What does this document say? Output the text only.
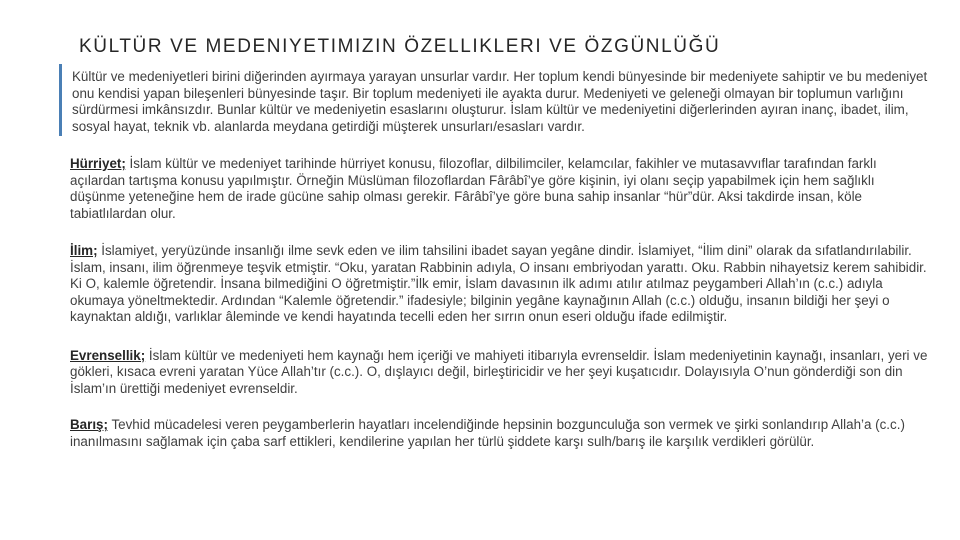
KÜLTÜR VE MEDENIYETIMIZIN ÖZELLIKLERI VE ÖZGÜNLÜĞÜ

Kültür ve medeniyetleri birini diğerinden ayırmaya yarayan unsurlar vardır. Her toplum kendi bünyesinde bir medeniyete sahiptir ve bu medeniyet onu kendisi yapan bileşenleri bünyesinde taşır. Bir toplum medeniyeti ile ayakta durur. Medeniyeti ve geleneği olmayan bir toplumun varlığını sürdürmesi imkânsızdır. Bunlar kültür ve medeniyetin esaslarını oluşturur. İslam kültür ve medeniyetini diğerlerinden ayıran inanç, ibadet, ilim, sosyal hayat, teknik vb. alanlarda meydana getirdiği müşterek unsurları/esasları vardır.

Hürriyet; İslam kültür ve medeniyet tarihinde hürriyet konusu, filozoflar, dilbilimciler, kelamcılar, fakihler ve mutasavvıflar tarafından farklı açılardan tartışma konusu yapılmıştır. Örneğin Müslüman filozoflardan Fârâbî’ye göre kişinin, iyi olanı seçip yapabilmek için hem sağlıklı düşünme yeteneğine hem de irade gücüne sahip olması gerekir. Fârâbî’ye göre buna sahip insanlar “hür”dür. Aksi takdirde insan, köle tabiatlılardan olur.

İlim; İslamiyet, yeryüzünde insanlığı ilme sevk eden ve ilim tahsilini ibadet sayan yegâne dindir. İslamiyet, “İlim dini” olarak da sıfatlandırılabilir. İslam, insanı, ilim öğrenmeye teşvik etmiştir. “Oku, yaratan Rabbinin adıyla, O insanı embriyodan yarattı. Oku. Rabbin nihayetsiz kerem sahibidir. Ki O, kalemle öğretendir. İnsana bilmediğini O öğretmiştir.”İlk emir, İslam davasının ilk adımı atılır atılmaz peygamberi Allah’ın (c.c.) adıyla okumaya yöneltmektedir. Ardından “Kalemle öğretendir.” ifadesiyle; bilginin yegâne kaynağının Allah (c.c.) olduğu, insanın bildiği her şeyi o kaynaktan aldığı, varlıklar âleminde ve kendi hayatında tecelli eden her sırrın onun eseri olduğu ifade edilmiştir.

Evrensellik; İslam kültür ve medeniyeti hem kaynağı hem içeriği ve mahiyeti itibarıyla evrenseldir. İslam medeniyetinin kaynağı, insanları, yeri ve gökleri, kısaca evreni yaratan Yüce Allah’tır (c.c.). O, dışlayıcı değil, birleştiricidir ve her şeyi kuşatıcıdır. Dolayısıyla O’nun gönderdiği son din İslam’ın ürettiği medeniyet evrenseldir.

Barış; Tevhid mücadelesi veren peygamberlerin hayatları incelendiğinde hepsinin bozgunculuğa son vermek ve şirki sonlandırıp Allah’a (c.c.) inanılmasını sağlamak için çaba sarf ettikleri, kendilerine yapılan her türlü şiddete karşı sulh/barış ile karşılık verdikleri görülür.
